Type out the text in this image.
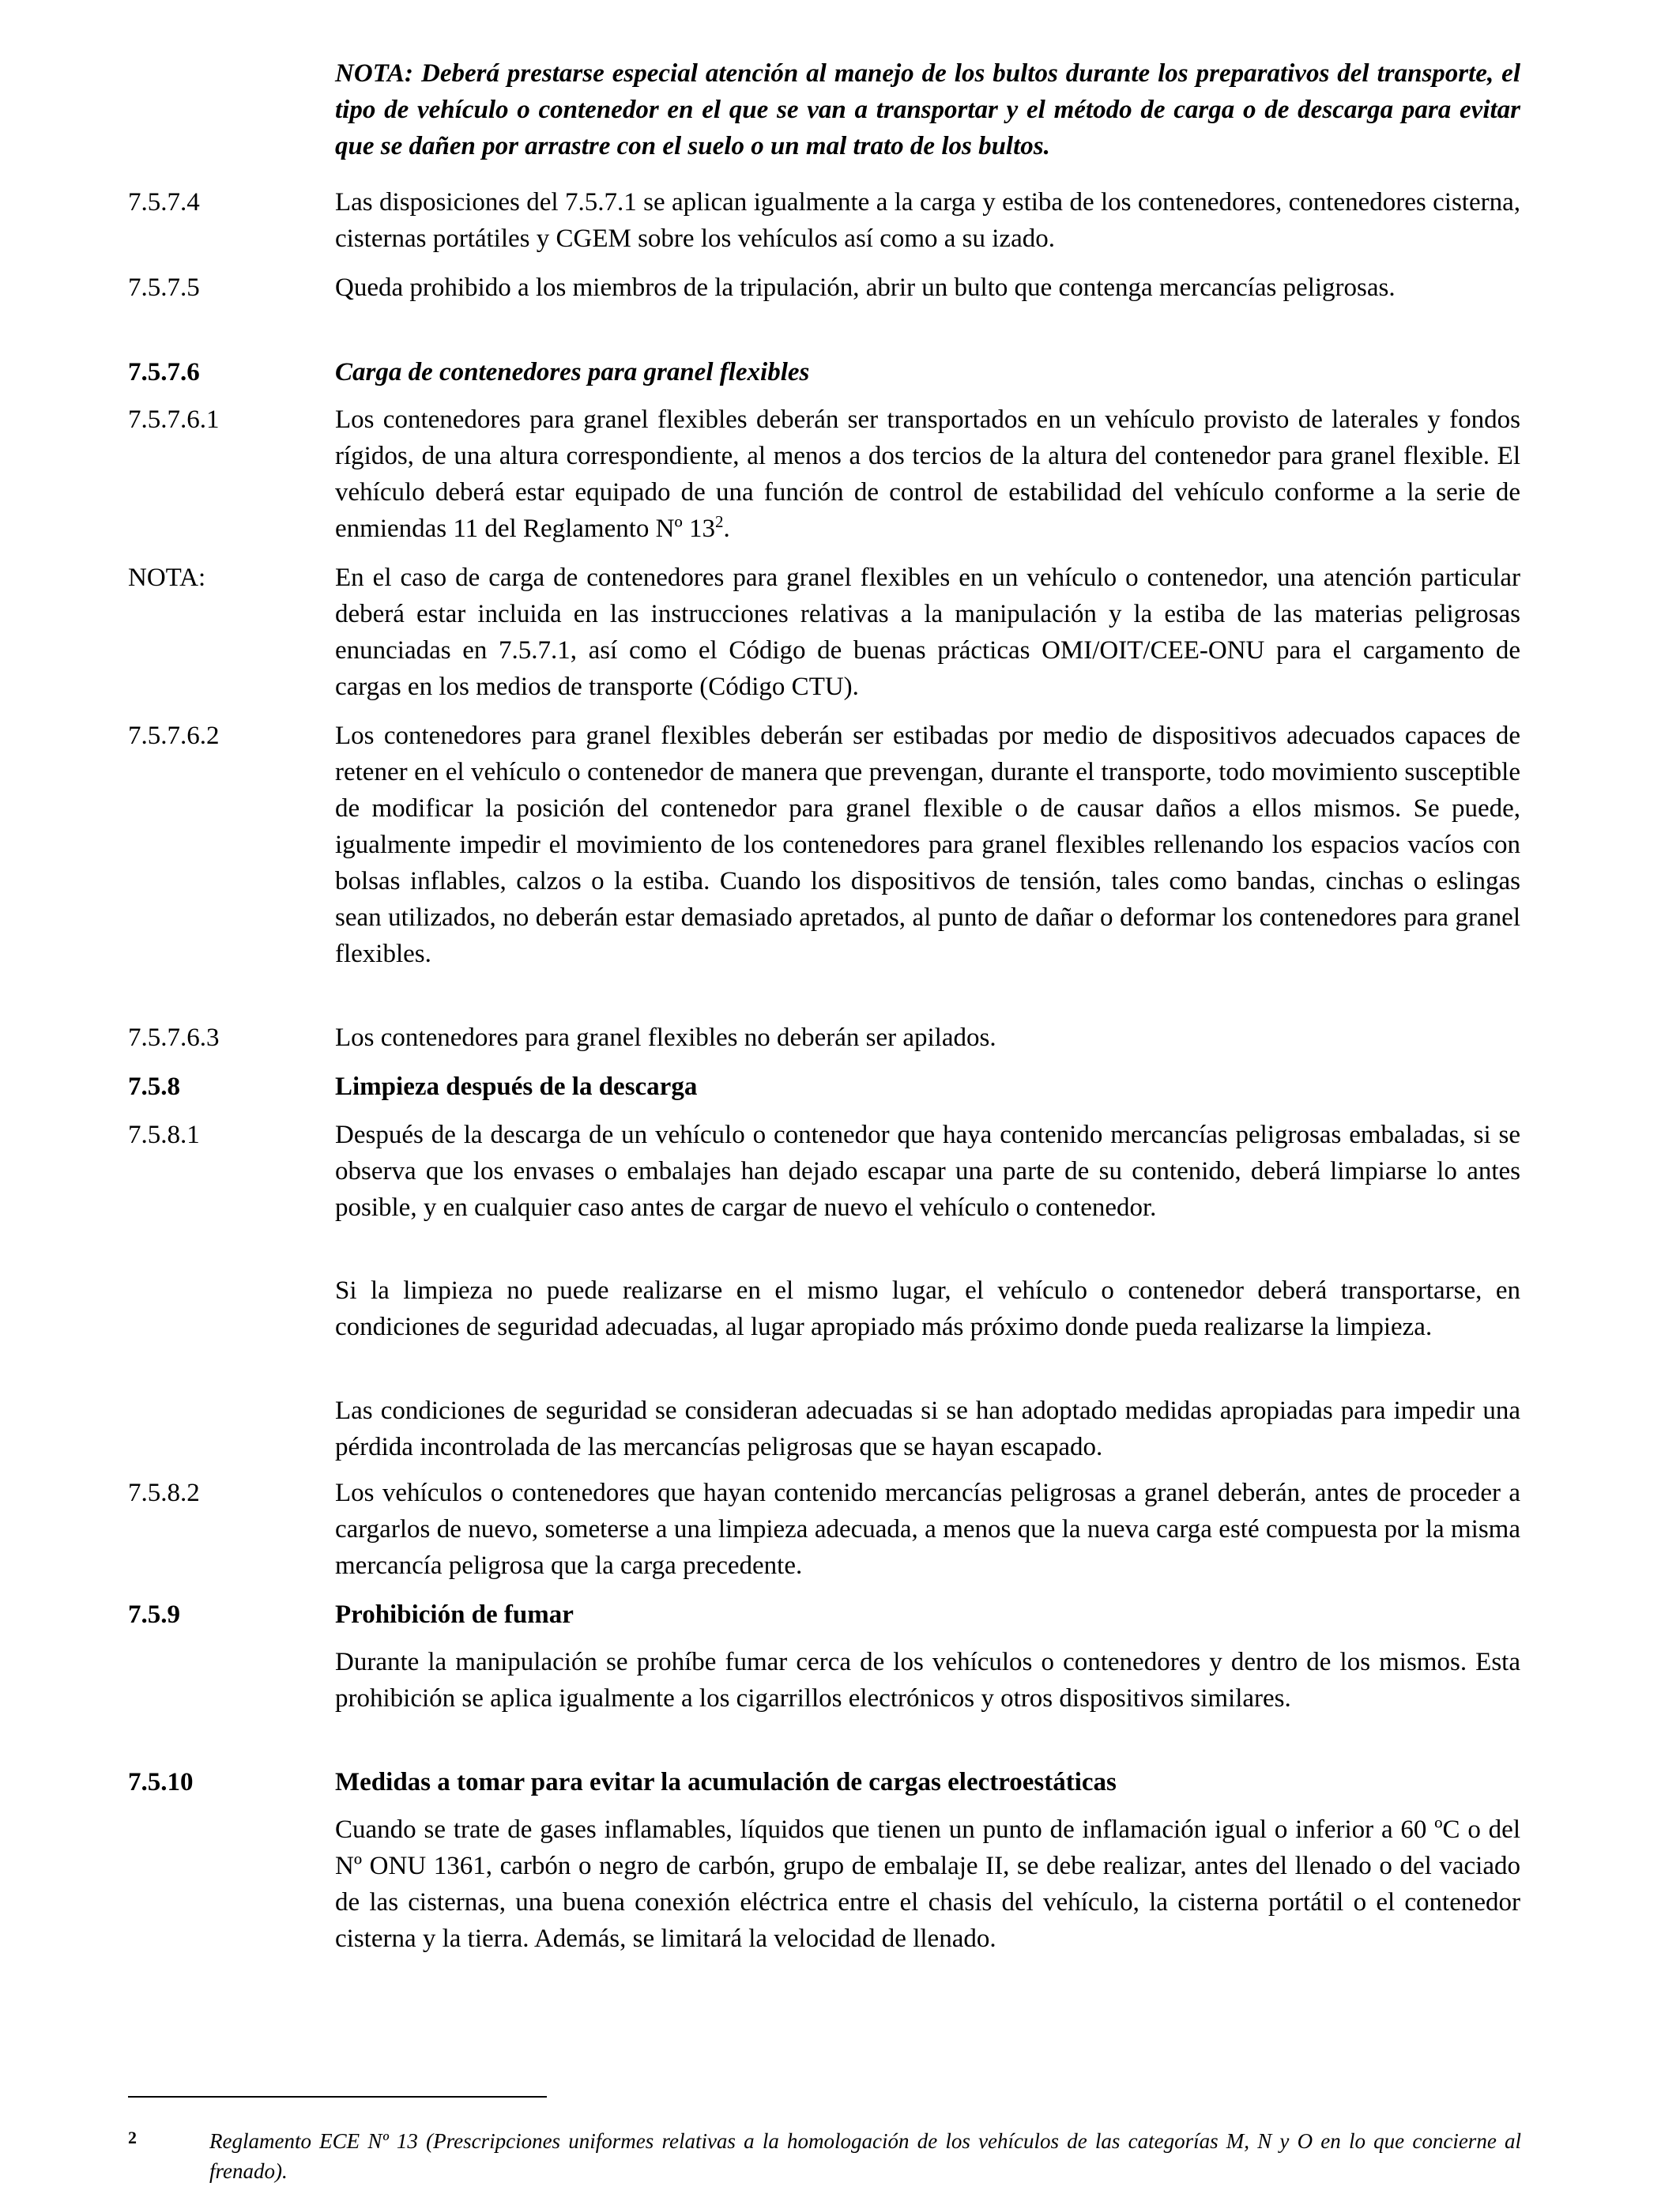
NOTA: Deberá prestarse especial atención al manejo de los bultos durante los preparativos del transporte, el tipo de vehículo o contenedor en el que se van a transportar y el método de carga o de descarga para evitar que se dañen por arrastre con el suelo o un mal trato de los bultos.
7.5.7.4	Las disposiciones del 7.5.7.1 se aplican igualmente a la carga y estiba de los contenedores, contenedores cisterna, cisternas portátiles y CGEM sobre los vehículos así como a su izado.
7.5.7.5	Queda prohibido a los miembros de la tripulación, abrir un bulto que contenga mercancías peligrosas.
7.5.7.6	Carga de contenedores para granel flexibles
7.5.7.6.1	Los contenedores para granel flexibles deberán ser transportados en un vehículo provisto de laterales y fondos rígidos, de una altura correspondiente, al menos a dos tercios de la altura del contenedor para granel flexible. El vehículo deberá estar equipado de una función de control de estabilidad del vehículo conforme a la serie de enmiendas 11 del Reglamento Nº $13^2$.
NOTA:	En el caso de carga de contenedores para granel flexibles en un vehículo o contenedor, una atención particular deberá estar incluida en las instrucciones relativas a la manipulación y la estiba de las materias peligrosas enunciadas en 7.5.7.1, así como el Código de buenas prácticas OMI/OIT/CEE-ONU para el cargamento de cargas en los medios de transporte (Código CTU).
7.5.7.6.2	Los contenedores para granel flexibles deberán ser estibadas por medio de dispositivos adecuados capaces de retener en el vehículo o contenedor de manera que prevengan, durante el transporte, todo movimiento susceptible de modificar la posición del contenedor para granel flexible o de causar daños a ellos mismos. Se puede, igualmente impedir el movimiento de los contenedores para granel flexibles rellenando los espacios vacíos con bolsas inflables, calzos o la estiba. Cuando los dispositivos de tensión, tales como bandas, cinchas o eslingas sean utilizados, no deberán estar demasiado apretados, al punto de dañar o deformar los contenedores para granel flexibles.
7.5.7.6.3	Los contenedores para granel flexibles no deberán ser apilados.
7.5.8	Limpieza después de la descarga
7.5.8.1	Después de la descarga de un vehículo o contenedor que haya contenido mercancías peligrosas embaladas, si se observa que los envases o embalajes han dejado escapar una parte de su contenido, deberá limpiarse lo antes posible, y en cualquier caso antes de cargar de nuevo el vehículo o contenedor.
Si la limpieza no puede realizarse en el mismo lugar, el vehículo o contenedor deberá transportarse, en condiciones de seguridad adecuadas, al lugar apropiado más próximo donde pueda realizarse la limpieza.
Las condiciones de seguridad se consideran adecuadas si se han adoptado medidas apropiadas para impedir una pérdida incontrolada de las mercancías peligrosas que se hayan escapado.
7.5.8.2	Los vehículos o contenedores que hayan contenido mercancías peligrosas a granel deberán, antes de proceder a cargarlos de nuevo, someterse a una limpieza adecuada, a menos que la nueva carga esté compuesta por la misma mercancía peligrosa que la carga precedente.
7.5.9	Prohibición de fumar
Durante la manipulación se prohíbe fumar cerca de los vehículos o contenedores y dentro de los mismos. Esta prohibición se aplica igualmente a los cigarrillos electrónicos y otros dispositivos similares.
7.5.10	Medidas a tomar para evitar la acumulación de cargas electroestáticas
Cuando se trate de gases inflamables, líquidos que tienen un punto de inflamación igual o inferior a 60 ºC o del Nº ONU 1361, carbón o negro de carbón, grupo de embalaje II, se debe realizar, antes del llenado o del vaciado de las cisternas, una buena conexión eléctrica entre el chasis del vehículo, la cisterna portátil o el contenedor cisterna y la tierra. Además, se limitará la velocidad de llenado.
2	Reglamento ECE Nº 13 (Prescripciones uniformes relativas a la homologación de los vehículos de las categorías M, N y O en lo que concierne al frenado).
